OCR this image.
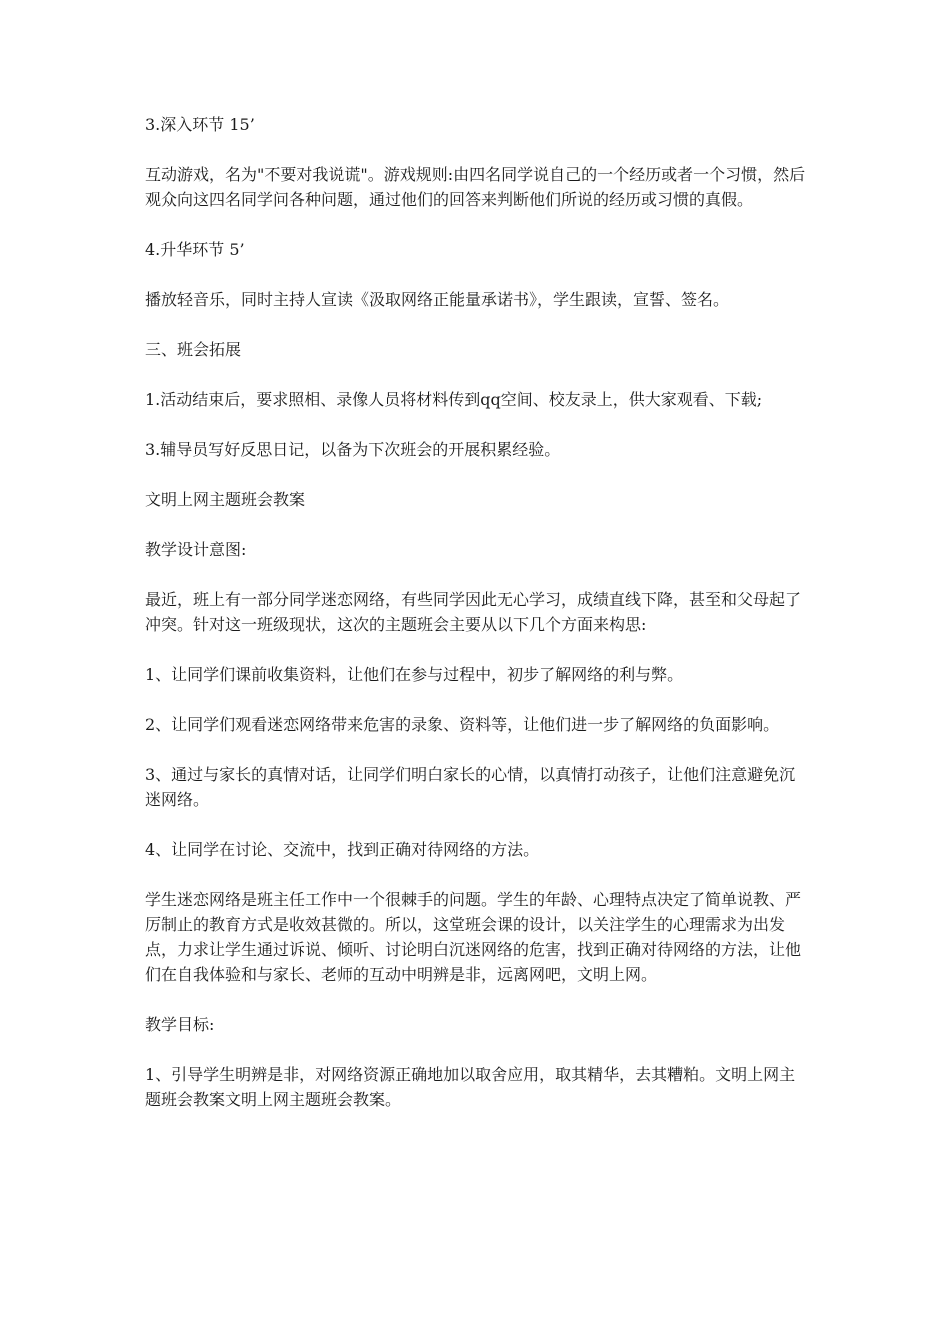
3.深入环节 15’

互动游戏，名为"不要对我说谎"。游戏规则:由四名同学说自己的一个经历或者一个习惯，然后观众向这四名同学问各种问题，通过他们的回答来判断他们所说的经历或习惯的真假。

4.升华环节 5’

播放轻音乐，同时主持人宣读《汲取网络正能量承诺书》，学生跟读，宣誓、签名。

三、班会拓展

1.活动结束后，要求照相、录像人员将材料传到qq空间、校友录上，供大家观看、下载;

3.辅导员写好反思日记，以备为下次班会的开展积累经验。

文明上网主题班会教案

教学设计意图:

最近，班上有一部分同学迷恋网络，有些同学因此无心学习，成绩直线下降，甚至和父母起了冲突。针对这一班级现状，这次的主题班会主要从以下几个方面来构思:

1、让同学们课前收集资料，让他们在参与过程中，初步了解网络的利与弊。

2、让同学们观看迷恋网络带来危害的录象、资料等，让他们进一步了解网络的负面影响。

3、通过与家长的真情对话，让同学们明白家长的心情，以真情打动孩子，让他们注意避免沉迷网络。

4、让同学在讨论、交流中，找到正确对待网络的方法。

学生迷恋网络是班主任工作中一个很棘手的问题。学生的年龄、心理特点决定了简单说教、严厉制止的教育方式是收效甚微的。所以，这堂班会课的设计，以关注学生的心理需求为出发点，力求让学生通过诉说、倾听、讨论明白沉迷网络的危害，找到正确对待网络的方法，让他们在自我体验和与家长、老师的互动中明辨是非，远离网吧，文明上网。

教学目标:

1、引导学生明辨是非，对网络资源正确地加以取舍应用，取其精华，去其糟粕。文明上网主题班会教案文明上网主题班会教案。
